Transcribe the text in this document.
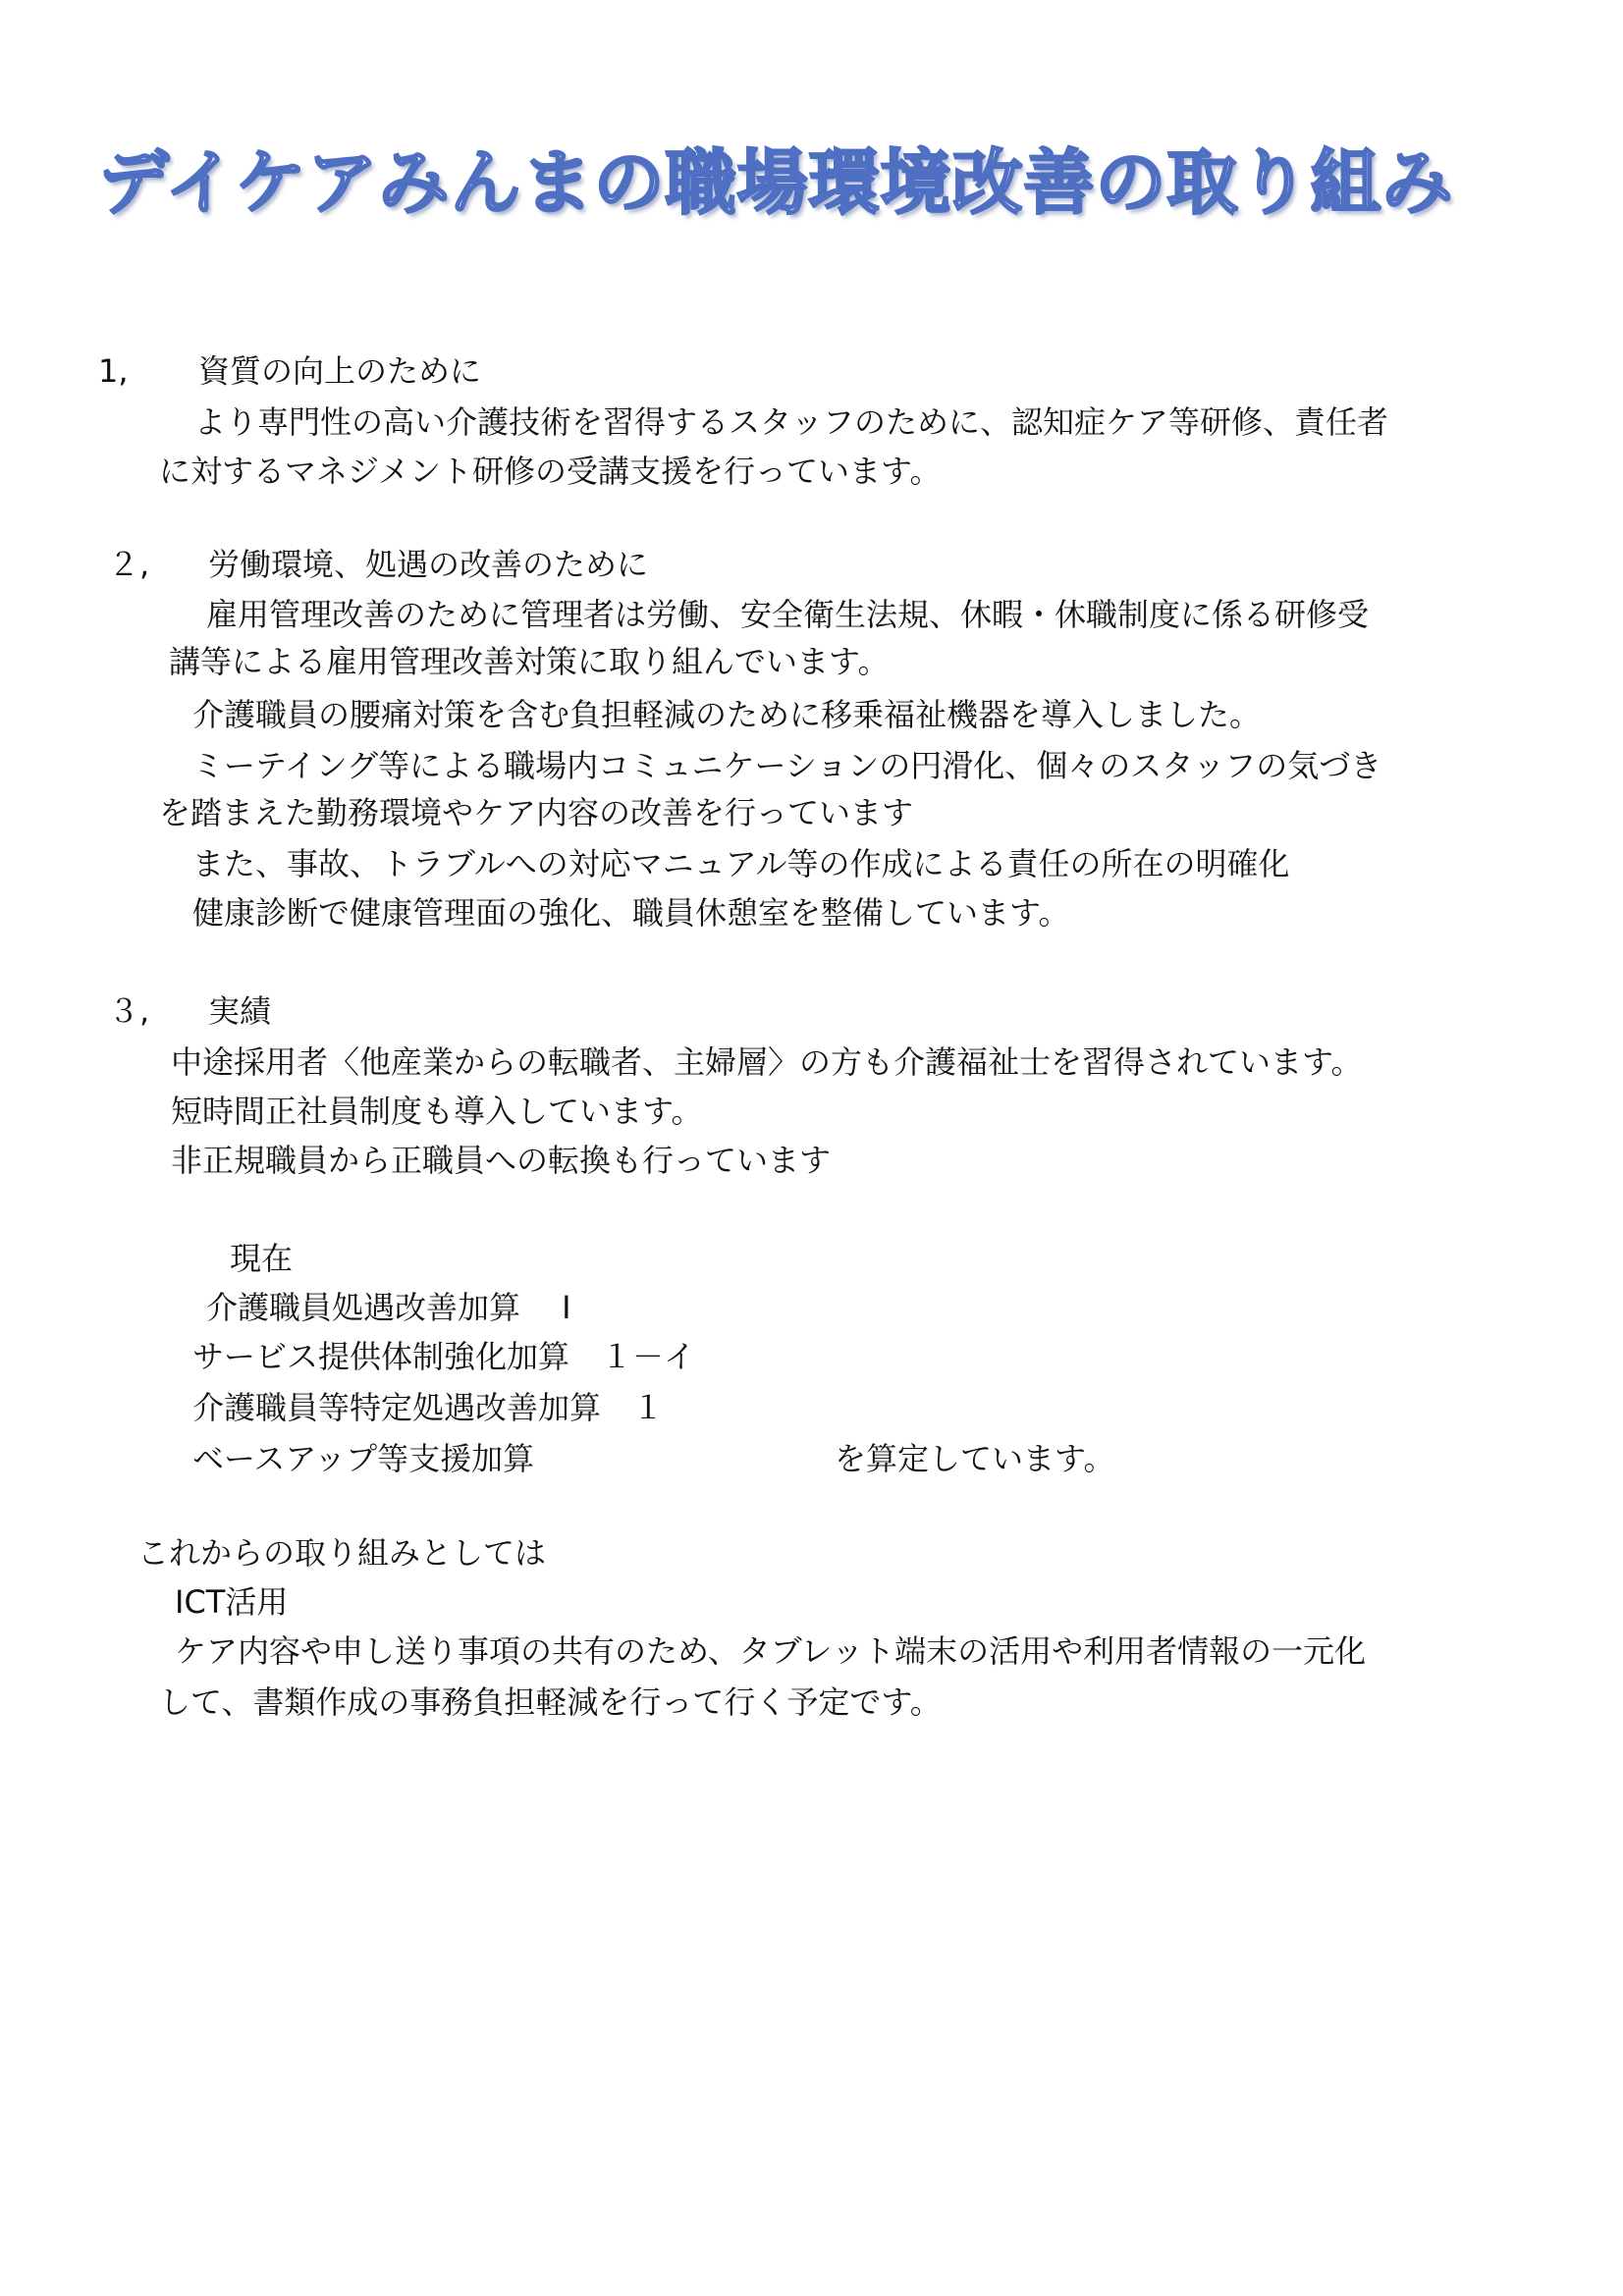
デイケアみんまの職場環境改善の取り組み
1, 資質の向上のために
より専門性の高い介護技術を習得するスタッフのために、認知症ケア等研修、責任者
に対するマネジメント研修の受講支援を行っています。
２, 労働環境、処遇の改善のために
雇用管理改善のために管理者は労働、安全衛生法規、休暇・休職制度に係る研修受
講等による雇用管理改善対策に取り組んでいます。
介護職員の腰痛対策を含む負担軽減のために移乗福祉機器を導入しました。
ミーテイング等による職場内コミュニケーションの円滑化、個々のスタッフの気づき
を踏まえた勤務環境やケア内容の改善を行っています
また、事故、トラブルへの対応マニュアル等の作成による責任の所在の明確化
健康診断で健康管理面の強化、職員休憩室を整備しています。
３, 実績
中途採用者〈他産業からの転職者、主婦層〉の方も介護福祉士を習得されています。
短時間正社員制度も導入しています。
非正規職員から正職員への転換も行っています
現在
介護職員処遇改善加算　 Ⅰ
サービス提供体制強化加算　１－イ
介護職員等特定処遇改善加算　１
ベースアップ等支援加算	を算定しています。
これからの取り組みとしては
ICT活用
ケア内容や申し送り事項の共有のため、タブレット端末の活用や利用者情報の一元化
して、書類作成の事務負担軽減を行って行く予定です。
